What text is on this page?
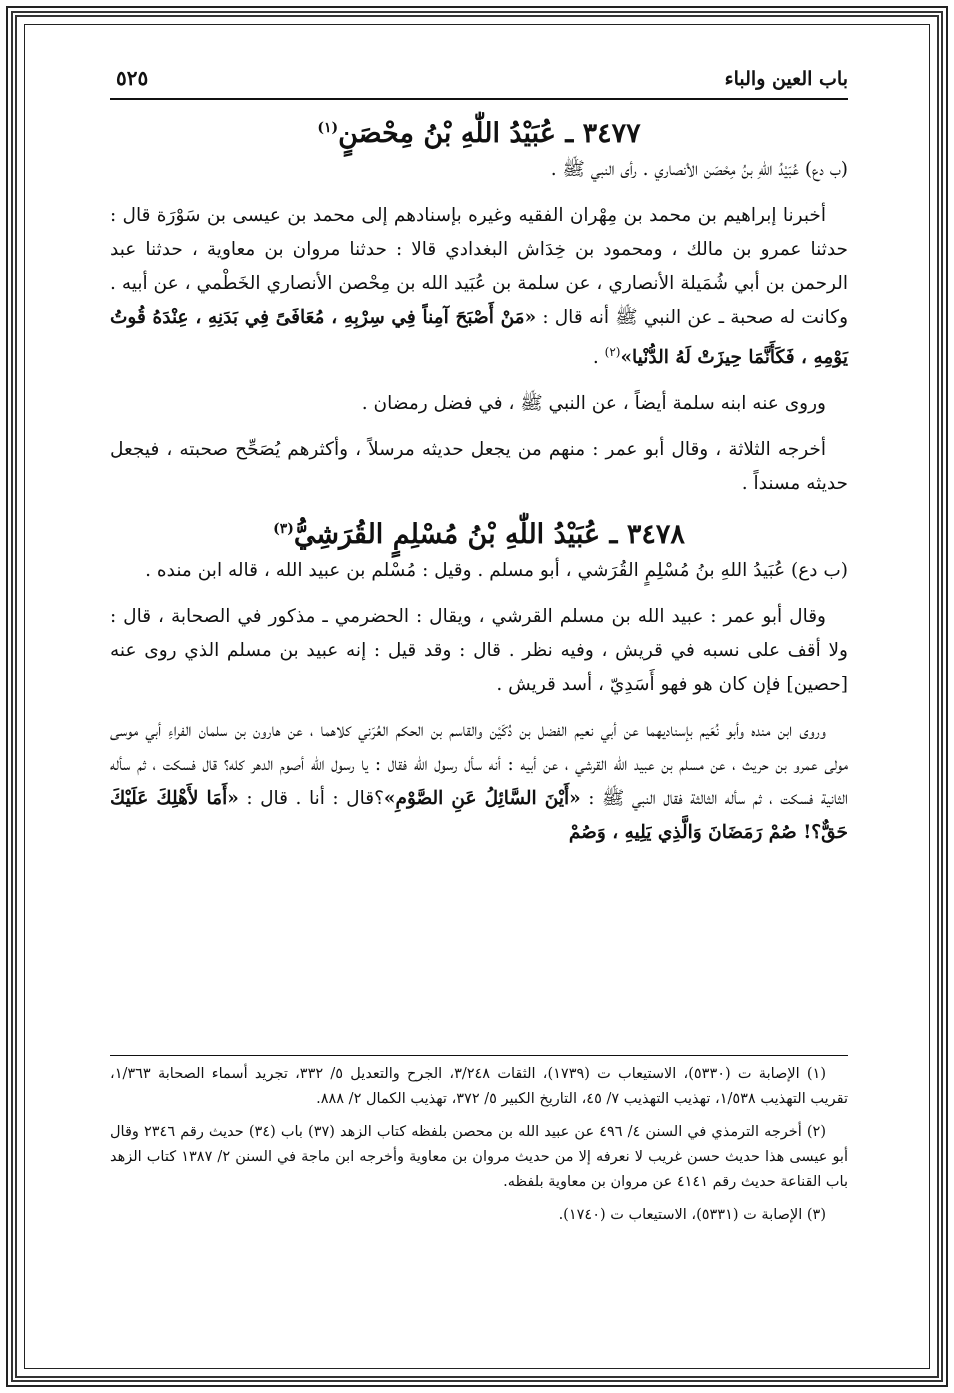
باب العين والباء
٥٢٥
٣٤٧٧ ـ عُبَيْدُ اللّٰهِ بْنُ مِحْصَنٍ$^{(١)}$

(ب دع) عُبَيْدُ اللهِ بنُ مِحْصَن الأنصاري . رأى النبي ﷺ .

أخبرنا إبراهيم بن محمد بن مِهْران الفقيه وغيره بإسنادهم إلى محمد بن عيسى بن سَوْرَة قال : حدثنا عمرو بن مالك ، ومحمود بن خِدَاش البغدادي قالا : حدثنا مروان بن معاوية ، حدثنا عبد الرحمن بن أبي شُمَيلة الأنصاري ، عن سلمة بن عُبَيد الله بن مِحْصن الأنصاري الخَطْمي ، عن أبيه . وكانت له صحبة ـ عن النبي ﷺ أنه قال : «مَنْ أَصْبَحَ آمِناً فِي سِرْبِهِ ، مُعَافَىً فِي بَدَنِهِ ، عِنْدَهُ قُوتُ يَوْمِهِ ، فَكَأَنَّمَا حِيزَتْ لَهُ الدُّنْيا»$^{(٢)}$ .

وروى عنه ابنه سلمة أيضاً ، عن النبي ﷺ ، في فضل رمضان .

أخرجه الثلاثة ، وقال أبو عمر : منهم من يجعل حديثه مرسلاً ، وأكثرهم يُصَحِّح صحبته ، فيجعل حديثه مسنداً .

٣٤٧٨ ـ عُبَيْدُ اللّٰهِ بْنُ مُسْلِمٍ القُرَشِيُّ$^{(٣)}$

(ب دع) عُبَيدُ اللهِ بنُ مُسْلِمٍ القُرَشي ، أبو مسلم . وقيل : مُسْلم بن عبيد الله ، قاله ابن منده .

وقال أبو عمر : عبيد الله بن مسلم القرشي ، ويقال : الحضرمي ـ مذكور في الصحابة ، قال : ولا أقف على نسبه في قريش ، وفيه نظر . قال : وقد قيل : إنه عبيد بن مسلم الذي روى عنه [حصين] فإن كان هو فهو أَسَدِيّ ، أسد قريش .

وروى ابن منده وأبو نُعَيم بإسناديهما عن أبي نعيم الفضل بن دُكَيْن والقاسم بن الحكم العُرَني كلاهما ، عن هارون بن سلمان الفراءِ أبي موسى مولى عمرو بن حريث ، عن مسلم بن عبيد الله القرشي ، عن أبيه : أنه سأل رسول الله فقال : يا رسول الله أصوم الدهر كله؟ قال فسكت ، ثم سأله الثانية فسكت ، ثم سأله الثالثة فقال النبي ﷺ : «أَيْنَ السَّائِلُ عَنِ الصَّوْمِ»؟قال : أنا . قال : «أَمَا لأَهْلِكَ عَلَيْكَ حَقٌّ؟! صُمْ رَمَضَانَ وَالَّذِي يَلِيهِ ، وَصُمْ

(١) الإصابة ت (٥٣٣٠)، الاستيعاب ت (١٧٣٩)، الثقات ٣/٢٤٨، الجرح والتعديل ٥/ ٣٣٢، تجريد أسماء الصحابة ١/٣٦٣، تقريب التهذيب ١/٥٣٨، تهذيب التهذيب ٧/ ٤٥، التاريخ الكبير ٥/ ٣٧٢، تهذيب الكمال ٢/ ٨٨٨.

(٢) أخرجه الترمذي في السنن ٤/ ٤٩٦ عن عبيد الله بن محصن بلفظه كتاب الزهد (٣٧) باب (٣٤) حديث رقم ٢٣٤٦ وقال أبو عيسى هذا حديث حسن غريب لا نعرفه إلا من حديث مروان بن معاوية وأخرجه ابن ماجة في السنن ٢/ ١٣٨٧ كتاب الزهد باب القناعة حديث رقم ٤١٤١ عن مروان بن معاوية بلفظه.

(٣) الإصابة ت (٥٣٣١)، الاستيعاب ت (١٧٤٠).
